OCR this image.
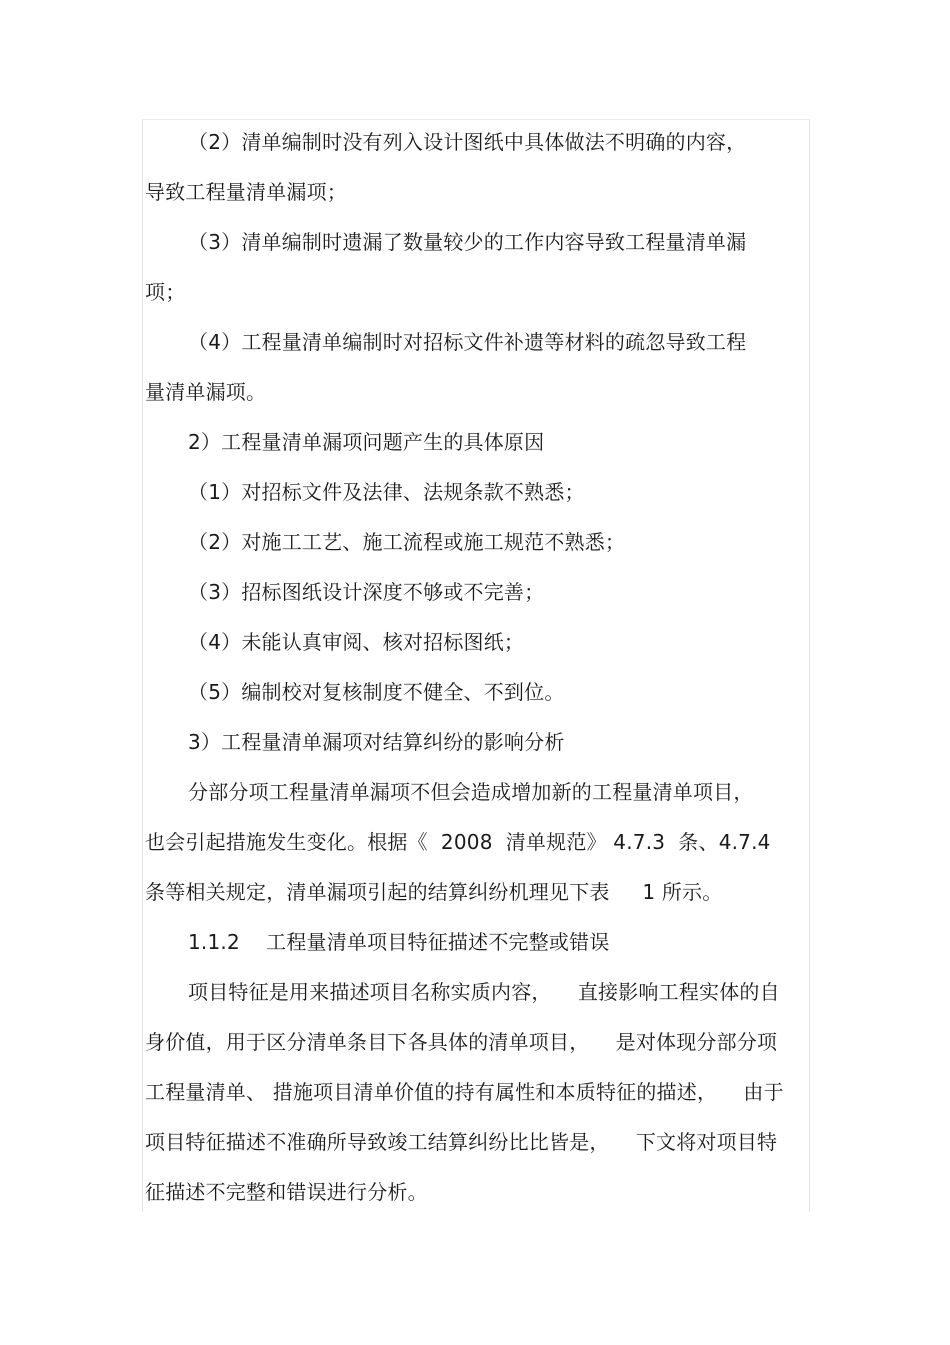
（2）清单编制时没有列入设计图纸中具体做法不明确的内容，
导致工程量清单漏项；
（3）清单编制时遗漏了数量较少的工作内容导致工程量清单漏
项；
（4）工程量清单编制时对招标文件补遗等材料的疏忽导致工程
量清单漏项。
2）工程量清单漏项问题产生的具体原因
（1）对招标文件及法律、法规条款不熟悉；
（2）对施工工艺、施工流程或施工规范不熟悉；
（3）招标图纸设计深度不够或不完善；
（4）未能认真审阅、核对招标图纸；
（5）编制校对复核制度不健全、不到位。
3）工程量清单漏项对结算纠纷的影响分析
分部分项工程量清单漏项不但会造成增加新的工程量清单项目，
也会引起措施发生变化。根据《  2008  清单规范》 4.7.3  条、4.7.4
条等相关规定，清单漏项引起的结算纠纷机理见下表     1 所示。
1.1.2    工程量清单项目特征描述不完整或错误
项目特征是用来描述项目名称实质内容，    直接影响工程实体的自
身价值，用于区分清单条目下各具体的清单项目，    是对体现分部分项
工程量清单、 措施项目清单价值的持有属性和本质特征的描述，    由于
项目特征描述不准确所导致竣工结算纠纷比比皆是，    下文将对项目特
征描述不完整和错误进行分析。
